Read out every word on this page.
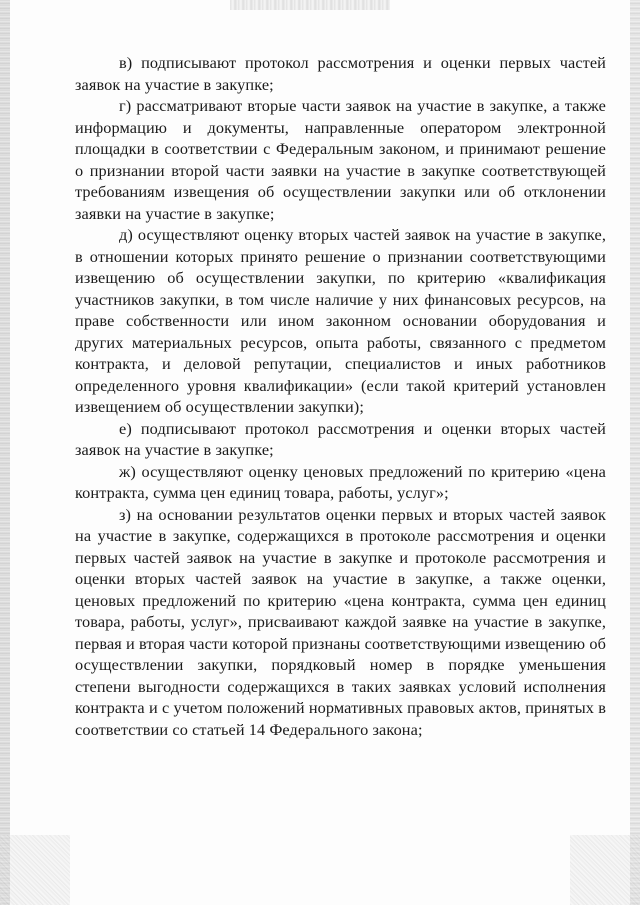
в) подписывают протокол рассмотрения и оценки первых частей заявок на участие в закупке;

г) рассматривают вторые части заявок на участие в закупке, а также информацию и документы, направленные оператором электронной площадки в соответствии с Федеральным законом, и принимают решение о признании второй части заявки на участие в закупке соответствующей требованиям извещения об осуществлении закупки или об отклонении заявки на участие в закупке;

д) осуществляют оценку вторых частей заявок на участие в закупке, в отношении которых принято решение о признании соответствующими извещению об осуществлении закупки, по критерию «квалификация участников закупки, в том числе наличие у них финансовых ресурсов, на праве собственности или ином законном основании оборудования и других материальных ресурсов, опыта работы, связанного с предметом контракта, и деловой репутации, специалистов и иных работников определенного уровня квалификации» (если такой критерий установлен извещением об осуществлении закупки);

е) подписывают протокол рассмотрения и оценки вторых частей заявок на участие в закупке;

ж) осуществляют оценку ценовых предложений по критерию «цена контракта, сумма цен единиц товара, работы, услуг»;

з) на основании результатов оценки первых и вторых частей заявок на участие в закупке, содержащихся в протоколе рассмотрения и оценки первых частей заявок на участие в закупке и протоколе рассмотрения и оценки вторых частей заявок на участие в закупке, а также оценки, ценовых предложений по критерию «цена контракта, сумма цен единиц товара, работы, услуг», присваивают каждой заявке на участие в закупке, первая и вторая части которой признаны соответствующими извещению об осуществлении закупки, порядковый номер в порядке уменьшения степени выгодности содержащихся в таких заявках условий исполнения контракта и с учетом положений нормативных правовых актов, принятых в соответствии со статьей 14 Федерального закона;
